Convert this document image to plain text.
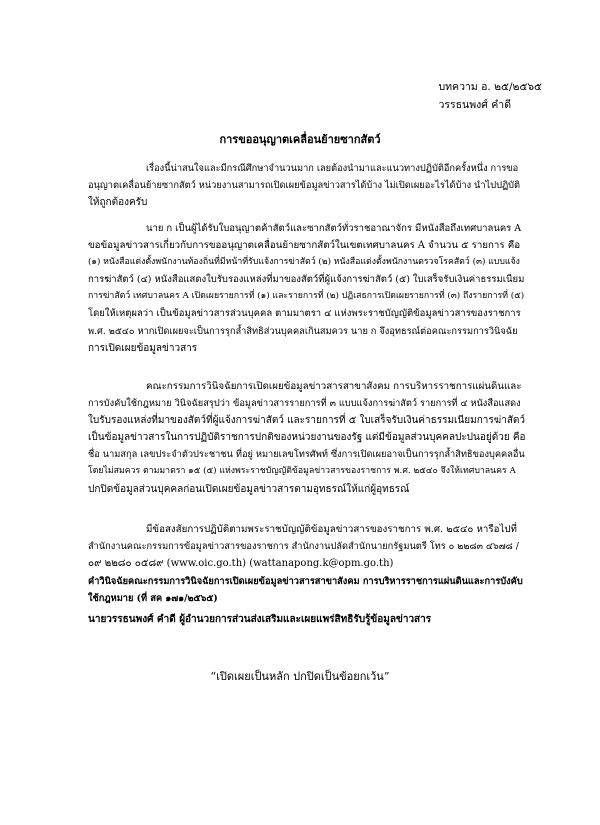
บทความ อ. ๒๕/๒๕๖๕
วรรธนพงศ์ คำดี
การขออนุญาตเคลื่อนย้ายซากสัตว์
เรื่องนี้น่าสนใจและมีกรณีศึกษาจำนวนมาก เลยต้องนำมาและแนวทางปฏิบัติอีกครั้งหนึ่ง การขอ
อนุญาตเคลื่อนย้ายซากสัตว์ หน่วยงานสามารถเปิดเผยข้อมูลข่าวสารได้บ้าง ไม่เปิดเผยอะไรได้บ้าง นำไปปฏิบัติ
ให้ถูกต้องครับ
นาย ก เป็นผู้ได้รับใบอนุญาตค้าสัตว์และซากสัตว์ทั่วราชอาณาจักร มีหนังสือถึงเทศบาลนคร A
ขอข้อมูลข่าวสารเกี่ยวกับการขออนุญาตเคลื่อนย้ายซากสัตว์ในเขตเทศบาลนคร A จำนวน ๕ รายการ คือ
(๑) หนังสือแต่งตั้งพนักงานท้องถิ่นที่มีหน้าที่รับแจ้งการฆ่าสัตว์ (๒) หนังสือแต่งตั้งพนักงานตรวจโรคสัตว์ (๓) แบบแจ้ง
การฆ่าสัตว์ (๔) หนังสือแสดงใบรับรองแหล่งที่มาของสัตว์ที่ผู้แจ้งการฆ่าสัตว์ (๕) ใบเสร็จรับเงินค่าธรรมเนียม
การฆ่าสัตว์ เทศบาลนคร A เปิดเผยรายการที่ (๑) และรายการที่ (๒) ปฏิเสธการเปิดเผยรายการที่ (๓) ถึงรายการที่ (๕)
โดยให้เหตุผลว่า เป็นข้อมูลข่าวสารส่วนบุคคล ตามมาตรา ๔ แห่งพระราชบัญญัติข้อมูลข่าวสารของราชการ
พ.ศ. ๒๕๔๐ หากเปิดเผยจะเป็นการรุกล้ำสิทธิส่วนบุคคลเกินสมควร นาย ก จึงอุทธรณ์ต่อคณะกรรมการวินิจฉัย
การเปิดเผยข้อมูลข่าวสาร
คณะกรรมการวินิจฉัยการเปิดเผยข้อมูลข่าวสารสาขาสังคม การบริหารราชการแผ่นดินและ
การบังคับใช้กฎหมาย วินิจฉัยสรุปว่า ข้อมูลข่าวสารรายการที่ ๓ แบบแจ้งการฆ่าสัตว์ รายการที่ ๔ หนังสือแสดง
ใบรับรองแหล่งที่มาของสัตว์ที่ผู้แจ้งการฆ่าสัตว์ และรายการที่ ๕ ใบเสร็จรับเงินค่าธรรมเนียมการฆ่าสัตว์
เป็นข้อมูลข่าวสารในการปฏิบัติราชการปกติของหน่วยงานของรัฐ แต่มีข้อมูลส่วนบุคคลปะปนอยู่ด้วย คือ
ชื่อ นามสกุล เลขประจำตัวประชาชน ที่อยู่ หมายเลขโทรศัพท์ ซึ่งการเปิดเผยอาจเป็นการรุกล้ำสิทธิของบุคคลอื่น
โดยไม่สมควร ตามมาตรา ๑๕ (๕) แห่งพระราชบัญญัติข้อมูลข่าวสารของราชการ พ.ศ. ๒๕๔๐ จึงให้เทศบาลนคร A
ปกปิดข้อมูลส่วนบุคคลก่อนเปิดเผยข้อมูลข่าวสารตามอุทธรณ์ให้แก่ผู้อุทธรณ์
มีข้อสงสัยการปฏิบัติตามพระราชบัญญัติข้อมูลข่าวสารของราชการ พ.ศ. ๒๕๔๐ หารือไปที่
สำนักงานคณะกรรมการข้อมูลข่าวสารของราชการ สำนักงานปลัดสำนักนายกรัฐมนตรี โทร ๐ ๒๒๘๓ ๔๖๗๘ /
๐๙ ๒๒๘๐ ๐๕๘๙ (www.oic.go.th) (wattanapong.k@opm.go.th)
คำวินิจฉัยคณะกรรมการวินิจฉัยการเปิดเผยข้อมูลข่าวสารสาขาสังคม การบริหารราชการแผ่นดินและการบังคับ
ใช้กฎหมาย (ที่ สค ๑๗๑/๒๕๖๕)
นายวรรธนพงศ์ คำดี ผู้อำนวยการส่วนส่งเสริมและเผยแพร่สิทธิรับรู้ข้อมูลข่าวสาร
“เปิดเผยเป็นหลัก ปกปิดเป็นข้อยกเว้น”
